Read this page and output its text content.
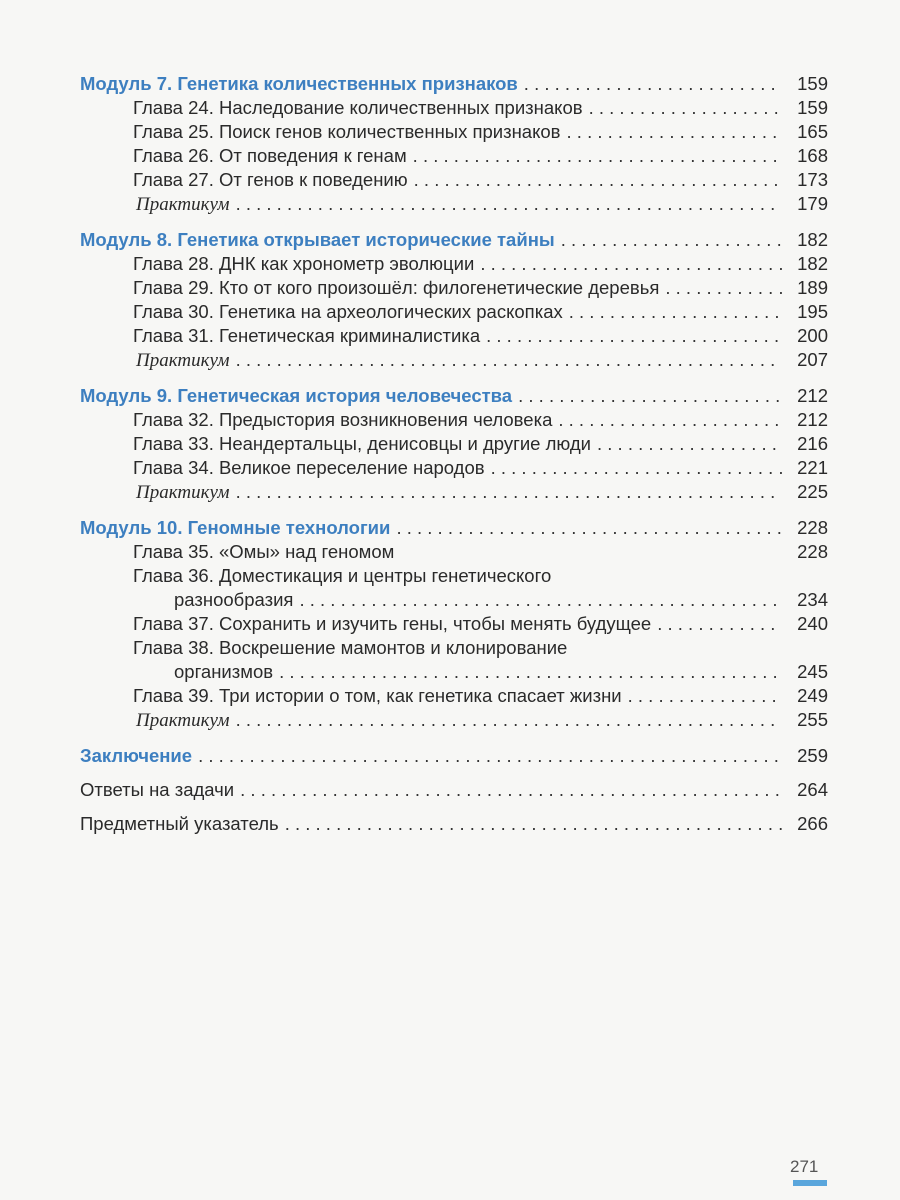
Модуль 7. Генетика количественных признаков . . .	159
Глава 24. Наследование количественных признаков . . .	159
Глава 25. Поиск генов количественных признаков . . .	165
Глава 26. От поведения к генам . . .	168
Глава 27. От генов к поведению . . .	173
Практикум . . .	179
Модуль 8. Генетика открывает исторические тайны . . .	182
Глава 28. ДНК как хронометр эволюции . . .	182
Глава 29. Кто от кого произошёл: филогенетические деревья . . .	189
Глава 30. Генетика на археологических раскопках . . .	195
Глава 31. Генетическая криминалистика . . .	200
Практикум . . .	207
Модуль 9. Генетическая история человечества . . .	212
Глава 32. Предыстория возникновения человека . . .	212
Глава 33. Неандертальцы, денисовцы и другие люди . . .	216
Глава 34. Великое переселение народов . . .	221
Практикум . . .	225
Модуль 10. Геномные технологии . . .	228
Глава 35. «Омы» над геномом	228
Глава 36. Доместикация и центры генетического
разнообразия . . .	234
Глава 37. Сохранить и изучить гены, чтобы менять будущее . . .	240
Глава 38. Воскрешение мамонтов и клонирование
организмов . . .	245
Глава 39. Три истории о том, как генетика спасает жизни . . .	249
Практикум . . .	255
Заключение . . .	259
Ответы на задачи . . .	264
Предметный указатель . . .	266
271
